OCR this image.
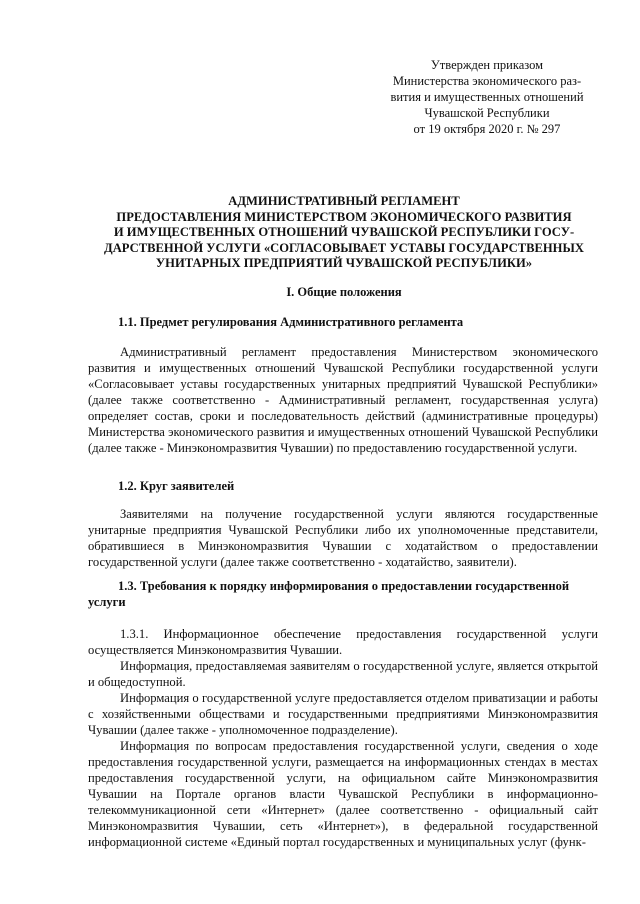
Утвержден приказом
Министерства экономического раз-
вития и имущественных отношений
Чувашской Республики
от 19 октября 2020 г. № 297
АДМИНИСТРАТИВНЫЙ РЕГЛАМЕНТ
ПРЕДОСТАВЛЕНИЯ МИНИСТЕРСТВОМ ЭКОНОМИЧЕСКОГО РАЗВИТИЯ
И ИМУЩЕСТВЕННЫХ ОТНОШЕНИЙ ЧУВАШСКОЙ РЕСПУБЛИКИ ГОСУ-
ДАРСТВЕННОЙ УСЛУГИ «СОГЛАСОВЫВАЕТ УСТАВЫ ГОСУДАРСТВЕННЫХ
УНИТАРНЫХ ПРЕДПРИЯТИЙ ЧУВАШСКОЙ РЕСПУБЛИКИ»
I. Общие положения
1.1. Предмет регулирования Административного регламента

Административный регламент предоставления Министерством экономического развития и имущественных отношений Чувашской Республики государственной услуги «Согласовывает уставы государственных унитарных предприятий Чувашской Республики» (далее также соответственно - Административный регламент, государственная услуга) определяет состав, сроки и последовательность действий (административные процедуры) Министерства экономического развития и имущественных отношений Чувашской Республики (далее также - Минэкономразвития Чувашии) по предоставлению государственной услуги.

1.2. Круг заявителей

Заявителями на получение государственной услуги являются государственные унитарные предприятия Чувашской Республики либо их уполномоченные представители, обратившиеся в Минэкономразвития Чувашии с ходатайством о предоставлении государственной услуги (далее также соответственно - ходатайство, заявители).

1.3. Требования к порядку информирования о предоставлении государственной услуги

1.3.1. Информационное обеспечение предоставления государственной услуги осуществляется Минэкономразвития Чувашии.

Информация, предоставляемая заявителям о государственной услуге, является открытой и общедоступной.

Информация о государственной услуге предоставляется отделом приватизации и работы с хозяйственными обществами и государственными предприятиями Минэкономразвития Чувашии (далее также - уполномоченное подразделение).

Информация по вопросам предоставления государственной услуги, сведения о ходе предоставления государственной услуги, размещается на информационных стендах в местах предоставления государственной услуги, на официальном сайте Минэкономразвития Чувашии на Портале органов власти Чувашской Республики в информационно-телекоммуникационной сети «Интернет» (далее соответственно - официальный сайт Минэкономразвития Чувашии, сеть «Интернет»), в федеральной государственной информационной системе «Единый портал государственных и муниципальных услуг (функ-
